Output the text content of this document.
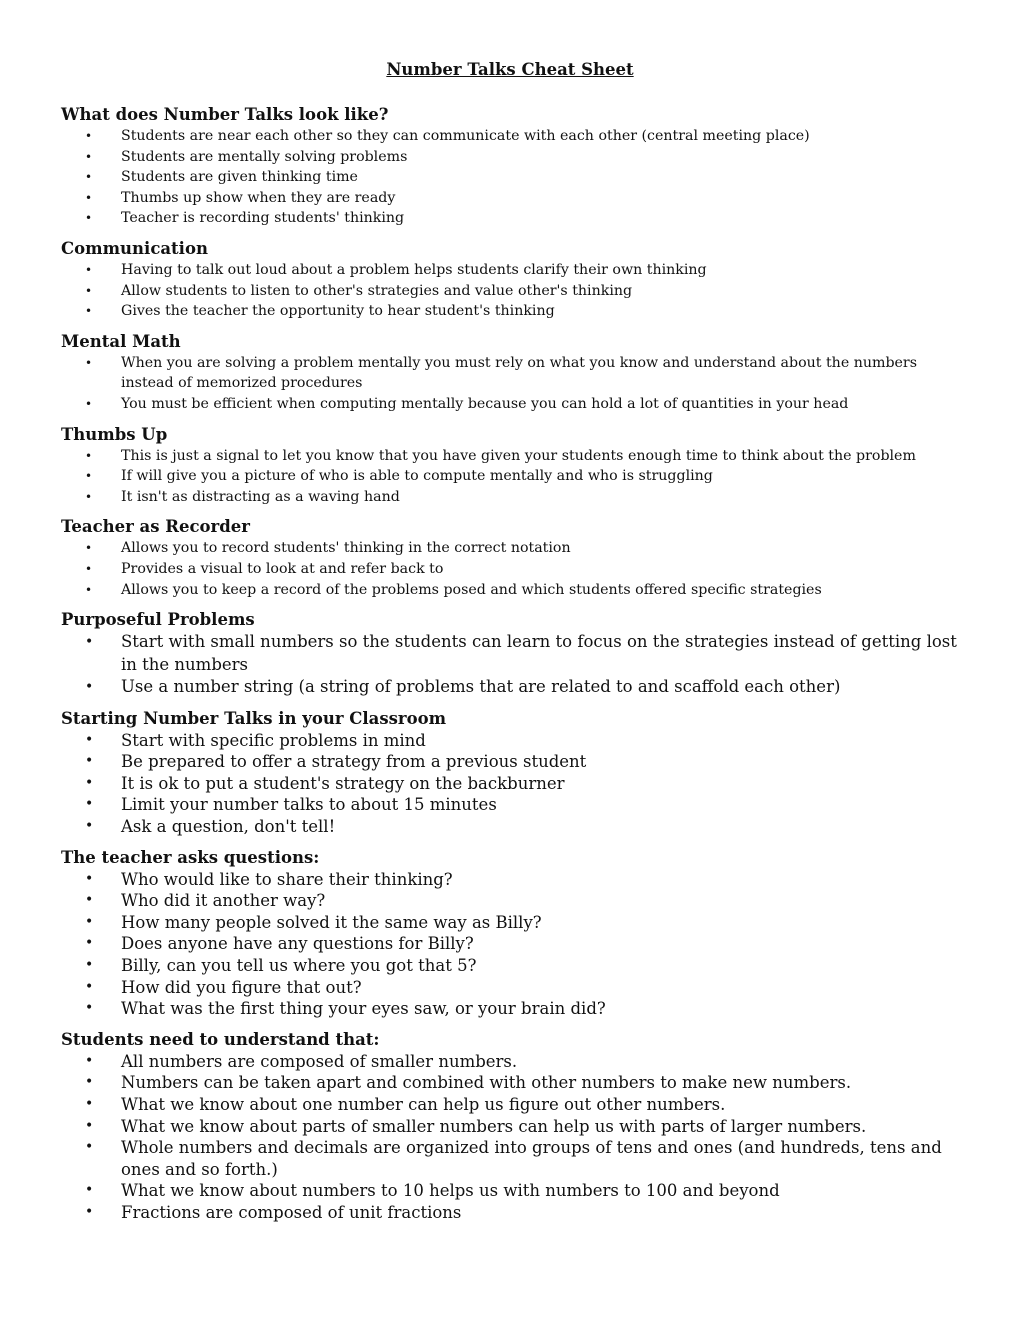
Number Talks Cheat Sheet
What does Number Talks look like?
• Students are near each other so they can communicate with each other (central meeting place)
• Students are mentally solving problems
• Students are given thinking time
• Thumbs up show when they are ready
• Teacher is recording students' thinking
Communication
• Having to talk out loud about a problem helps students clarify their own thinking
• Allow students to listen to other's strategies and value other's thinking
• Gives the teacher the opportunity to hear student's thinking
Mental Math
• When you are solving a problem mentally you must rely on what you know and understand about the numbers instead of memorized procedures
• You must be efficient when computing mentally because you can hold a lot of quantities in your head
Thumbs Up
• This is just a signal to let you know that you have given your students enough time to think about the problem
• If will give you a picture of who is able to compute mentally and who is struggling
• It isn't as distracting as a waving hand
Teacher as Recorder
• Allows you to record students' thinking in the correct notation
• Provides a visual to look at and refer back to
• Allows you to keep a record of the problems posed and which students offered specific strategies
Purposeful Problems
• Start with small numbers so the students can learn to focus on the strategies instead of getting lost in the numbers
• Use a number string (a string of problems that are related to and scaffold each other)
Starting Number Talks in your Classroom
• Start with specific problems in mind
• Be prepared to offer a strategy from a previous student
• It is ok to put a student's strategy on the backburner
• Limit your number talks to about 15 minutes
• Ask a question, don't tell!
The teacher asks questions:
• Who would like to share their thinking?
• Who did it another way?
• How many people solved it the same way as Billy?
• Does anyone have any questions for Billy?
• Billy, can you tell us where you got that 5?
• How did you figure that out?
• What was the first thing your eyes saw, or your brain did?
Students need to understand that:
• All numbers are composed of smaller numbers.
• Numbers can be taken apart and combined with other numbers to make new numbers.
• What we know about one number can help us figure out other numbers.
• What we know about parts of smaller numbers can help us with parts of larger numbers.
• Whole numbers and decimals are organized into groups of tens and ones (and hundreds, tens and ones and so forth.)
• What we know about numbers to 10 helps us with numbers to 100 and beyond
• Fractions are composed of unit fractions
